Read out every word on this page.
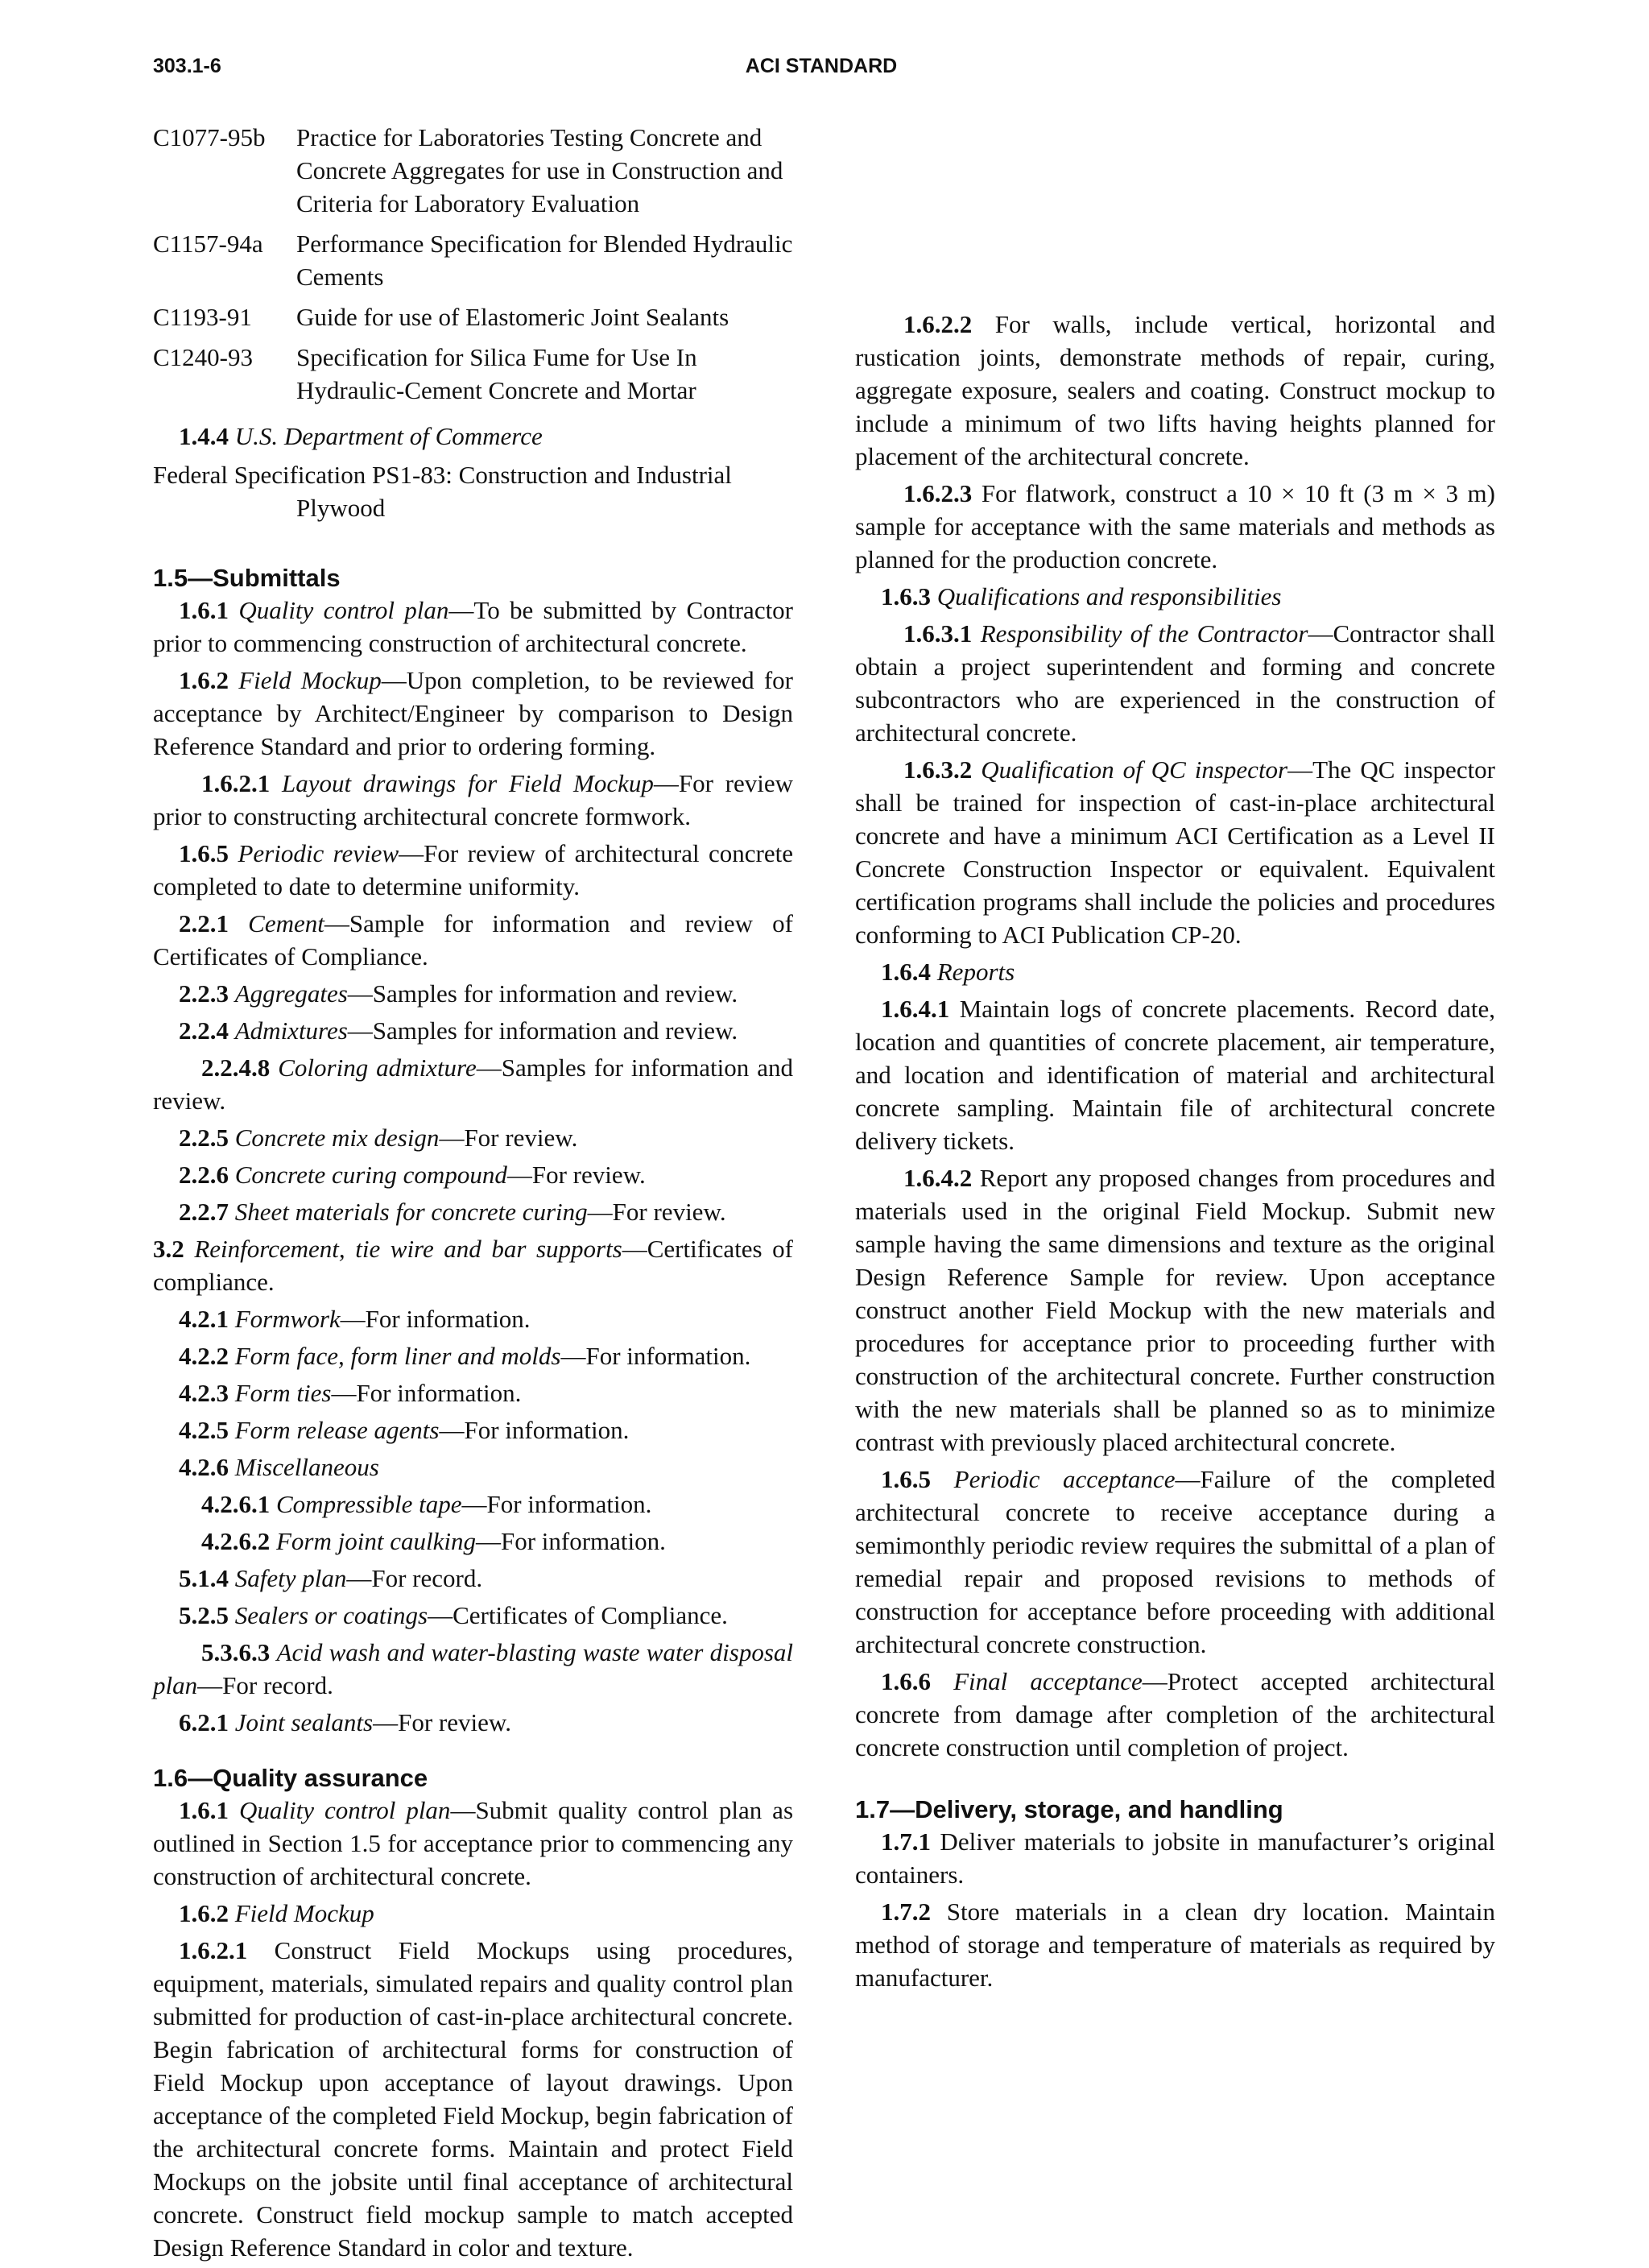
303.1-6	ACI STANDARD
C1077-95b	Practice for Laboratories Testing Concrete and Concrete Aggregates for use in Construction and Criteria for Laboratory Evaluation
C1157-94a	Performance Specification for Blended Hydraulic Cements
C1193-91	Guide for use of Elastomeric Joint Sealants
C1240-93	Specification for Silica Fume for Use In Hydraulic-Cement Concrete and Mortar

1.4.4 U.S. Department of Commerce

Federal Specification PS1-83: Construction and Industrial Plywood

1.5—Submittals

1.6.1 Quality control plan—To be submitted by Contractor prior to commencing construction of architectural concrete.

1.6.2 Field Mockup—Upon completion, to be reviewed for acceptance by Architect/Engineer by comparison to Design Reference Standard and prior to ordering forming.

1.6.2.1 Layout drawings for Field Mockup—For review prior to constructing architectural concrete formwork.

1.6.5 Periodic review—For review of architectural concrete completed to date to determine uniformity.

2.2.1 Cement—Sample for information and review of Certificates of Compliance.

2.2.3 Aggregates—Samples for information and review.

2.2.4 Admixtures—Samples for information and review.

2.2.4.8 Coloring admixture—Samples for information and review.

2.2.5 Concrete mix design—For review.

2.2.6 Concrete curing compound—For review.

2.2.7 Sheet materials for concrete curing—For review.

3.2 Reinforcement, tie wire and bar supports—Certificates of compliance.

4.2.1 Formwork—For information.

4.2.2 Form face, form liner and molds—For information.

4.2.3 Form ties—For information.

4.2.5 Form release agents—For information.

4.2.6 Miscellaneous

4.2.6.1 Compressible tape—For information.

4.2.6.2 Form joint caulking—For information.

5.1.4 Safety plan—For record.

5.2.5 Sealers or coatings—Certificates of Compliance.

5.3.6.3 Acid wash and water-blasting waste water disposal plan—For record.

6.2.1 Joint sealants—For review.

1.6—Quality assurance

1.6.1 Quality control plan—Submit quality control plan as outlined in Section 1.5 for acceptance prior to commencing any construction of architectural concrete.

1.6.2 Field Mockup

1.6.2.1 Construct Field Mockups using procedures, equipment, materials, simulated repairs and quality control plan submitted for production of cast-in-place architectural concrete. Begin fabrication of architectural forms for construction of Field Mockup upon acceptance of layout drawings. Upon acceptance of the completed Field Mockup, begin fabrication of the architectural concrete forms. Maintain and protect Field Mockups on the jobsite until final acceptance of architectural concrete. Construct field mockup sample to match accepted Design Reference Standard in color and texture.

1.6.2.2 For walls, include vertical, horizontal and rustication joints, demonstrate methods of repair, curing, aggregate exposure, sealers and coating. Construct mockup to include a minimum of two lifts having heights planned for placement of the architectural concrete.

1.6.2.3 For flatwork, construct a 10 × 10 ft (3 m × 3 m) sample for acceptance with the same materials and methods as planned for the production concrete.

1.6.3 Qualifications and responsibilities

1.6.3.1 Responsibility of the Contractor—Contractor shall obtain a project superintendent and forming and concrete subcontractors who are experienced in the construction of architectural concrete.

1.6.3.2 Qualification of QC inspector—The QC inspector shall be trained for inspection of cast-in-place architectural concrete and have a minimum ACI Certification as a Level II Concrete Construction Inspector or equivalent. Equivalent certification programs shall include the policies and procedures conforming to ACI Publication CP-20.

1.6.4 Reports

1.6.4.1 Maintain logs of concrete placements. Record date, location and quantities of concrete placement, air temperature, and location and identification of material and architectural concrete sampling. Maintain file of architectural concrete delivery tickets.

1.6.4.2 Report any proposed changes from procedures and materials used in the original Field Mockup. Submit new sample having the same dimensions and texture as the original Design Reference Sample for review. Upon acceptance construct another Field Mockup with the new materials and procedures for acceptance prior to proceeding further with construction of the architectural concrete. Further construction with the new materials shall be planned so as to minimize contrast with previously placed architectural concrete.

1.6.5 Periodic acceptance—Failure of the completed architectural concrete to receive acceptance during a semimonthly periodic review requires the submittal of a plan of remedial repair and proposed revisions to methods of construction for acceptance before proceeding with additional architectural concrete construction.

1.6.6 Final acceptance—Protect accepted architectural concrete from damage after completion of the architectural concrete construction until completion of project.

1.7—Delivery, storage, and handling

1.7.1 Deliver materials to jobsite in manufacturer’s original containers.

1.7.2 Store materials in a clean dry location. Maintain method of storage and temperature of materials as required by manufacturer.
